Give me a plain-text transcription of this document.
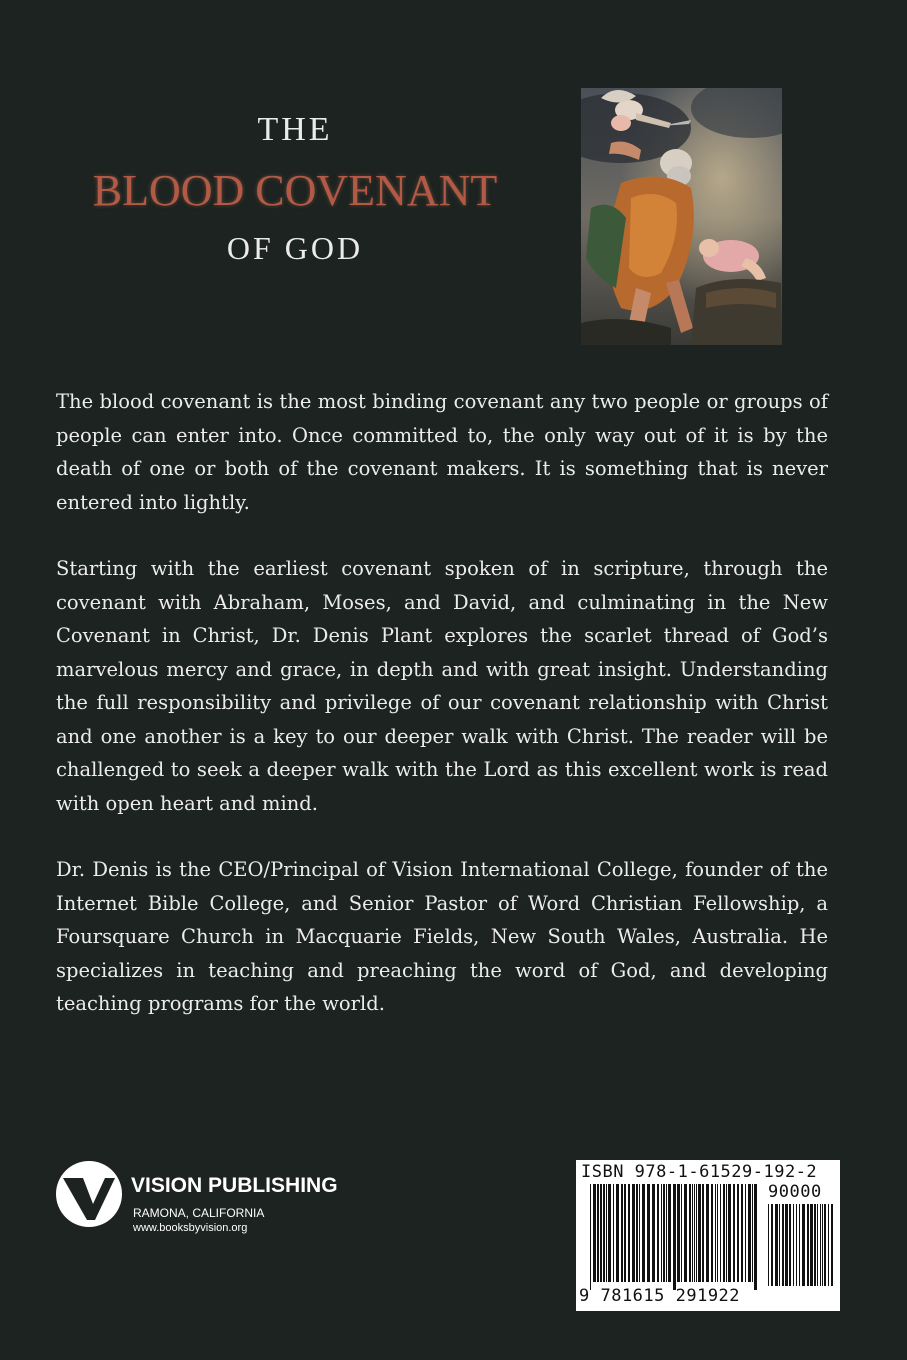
THE
BLOOD COVENANT
OF GOD

The blood covenant is the most binding covenant any two people or groups of people can enter into. Once committed to, the only way out of it is by the death of one or both of the covenant makers. It is something that is never entered into lightly.

Starting with the earliest covenant spoken of in scripture, through the covenant with Abraham, Moses, and David, and culminating in the New Covenant in Christ, Dr. Denis Plant explores the scarlet thread of God’s marvelous mercy and grace, in depth and with great insight. Understanding the full responsibility and privilege of our covenant relationship with Christ and one another is a key to our deeper walk with Christ. The reader will be challenged to seek a deeper walk with the Lord as this excellent work is read with open heart and mind.

Dr. Denis is the CEO/Principal of Vision International College, founder of the Internet Bible College, and Senior Pastor of Word Christian Fellowship, a Foursquare Church in Macquarie Fields, New South Wales, Australia. He specializes in teaching and preaching the word of God, and developing teaching programs for the world.

VISION PUBLISHING
RAMONA, CALIFORNIA
www.booksbyvision.org
ISBN 978-1-61529-192-2
90000
9 781615 291922
